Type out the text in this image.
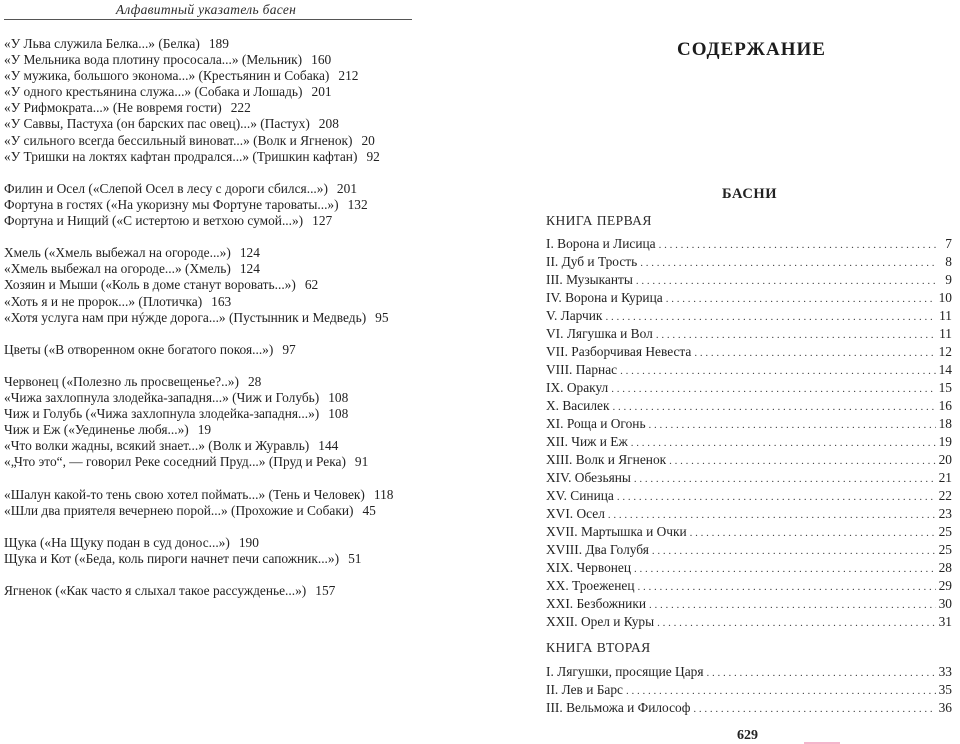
Алфавитный указатель басен
«У Льва служила Белка...» (Белка) 189
«У Мельника вода плотину прососала...» (Мельник) 160
«У мужика, большого эконома...» (Крестьянин и Собака) 212
«У одного крестьянина служа...» (Собака и Лошадь) 201
«У Рифмократа...» (Не вовремя гости) 222
«У Саввы, Пастуха (он барских пас овец)...» (Пастух) 208
«У сильного всегда бессильный виноват...» (Волк и Ягненок) 20
«У Тришки на локтях кафтан продрался...» (Тришкин кафтан) 92
Филин и Осел («Слепой Осел в лесу с дороги сбился...») 201
Фортуна в гостях («На укоризну мы Фортуне тароваты...») 132
Фортуна и Нищий («С истертою и ветхою сумой...») 127
Хмель («Хмель выбежал на огороде...») 124
«Хмель выбежал на огороде...» (Хмель) 124
Хозяин и Мыши («Коль в доме станут воровать...») 62
«Хоть я и не пророк...» (Плотичка) 163
«Хотя услуга нам при нýжде дорога...» (Пустынник и Медведь) 95
Цветы («В отворенном окне богатого покоя...») 97
Червонец («Полезно ль просвещенье?..») 28
«Чижа захлопнула злодейка-западня...» (Чиж и Голубь) 108
Чиж и Голубь («Чижа захлопнула злодейка-западня...») 108
Чиж и Еж («Уединенье любя...») 19
«Что волки жадны, всякий знает...» (Волк и Журавль) 144
«„Что это“, — говорил Реке соседний Пруд...» (Пруд и Река) 91
«Шалун какой-то тень свою хотел поймать...» (Тень и Человек) 118
«Шли два приятеля вечернею порой...» (Прохожие и Собаки) 45
Щука («На Щуку подан в суд донос...») 190
Щука и Кот («Беда, коль пироги начнет печи сапожник...») 51
Ягненок («Как часто я слыхал такое рассужденье...») 157
СОДЕРЖАНИЕ
БАСНИ
КНИГА ПЕРВАЯ
I. Ворона и Лисица . . .	7
II. Дуб и Трость . . .	8
III. Музыканты . . .	9
IV. Ворона и Курица . . .	10
V. Ларчик . . .	11
VI. Лягушка и Вол . . .	11
VII. Разборчивая Невеста . . .	12
VIII. Парнас . . .	14
IX. Оракул . . .	15
X. Василек . . .	16
XI. Роща и Огонь . . .	18
XII. Чиж и Еж . . .	19
XIII. Волк и Ягненок . . .	20
XIV. Обезьяны . . .	21
XV. Синица . . .	22
XVI. Осел . . .	23
XVII. Мартышка и Очки . . .	25
XVIII. Два Голубя . . .	25
XIX. Червонец . . .	28
XX. Троеженец . . .	29
XXI. Безбожники . . .	30
XXII. Орел и Куры . . .	31
КНИГА ВТОРАЯ
I. Лягушки, просящие Царя . . .	33
II. Лев и Барс . . .	35
III. Вельможа и Философ . . .	36
629
